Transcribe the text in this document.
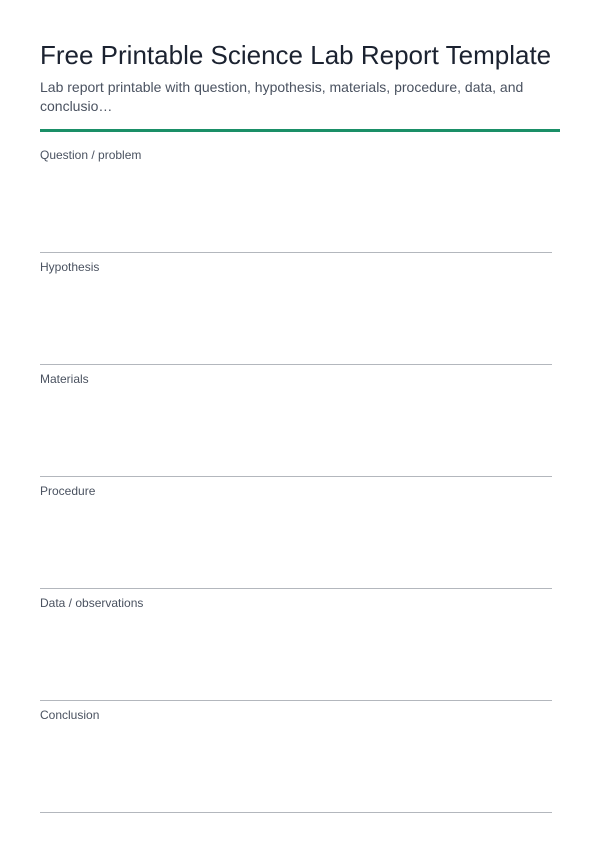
Free Printable Science Lab Report Template

Lab report printable with question, hypothesis, materials, procedure, data, and conclusio…

Question / problem
Hypothesis
Materials
Procedure
Data / observations
Conclusion
